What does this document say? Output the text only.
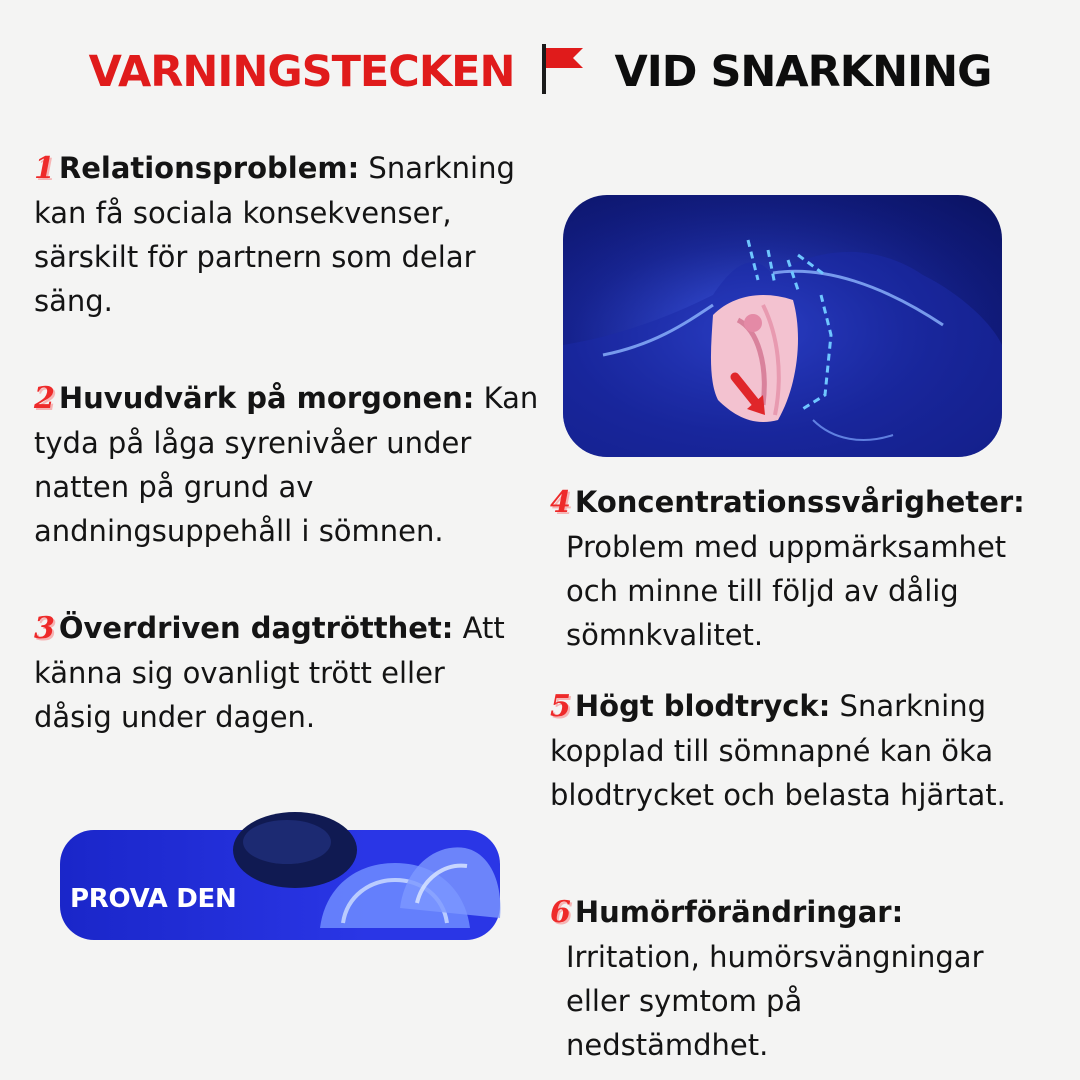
VARNINGSTECKEN VID SNARKNING
1 Relationsproblem: Snarkning kan få sociala konsekvenser, särskilt för partnern som delar säng.
2 Huvudvärk på morgonen: Kan tyda på låga syrenivåer under natten på grund av andningsuppehåll i sömnen.
3 Överdriven dagtrötthet: Att känna sig ovanligt trött eller dåsig under dagen.
4 Koncentrationssvårigheter:
Problem med uppmärksamhet och minne till följd av dålig sömnkvalitet.
5 Högt blodtryck: Snarkning kopplad till sömnapné kan öka blodtrycket och belasta hjärtat.
6 Humörförändringar:
Irritation, humörsvängningar eller symtom på nedstämdhet.
PROVA DEN
